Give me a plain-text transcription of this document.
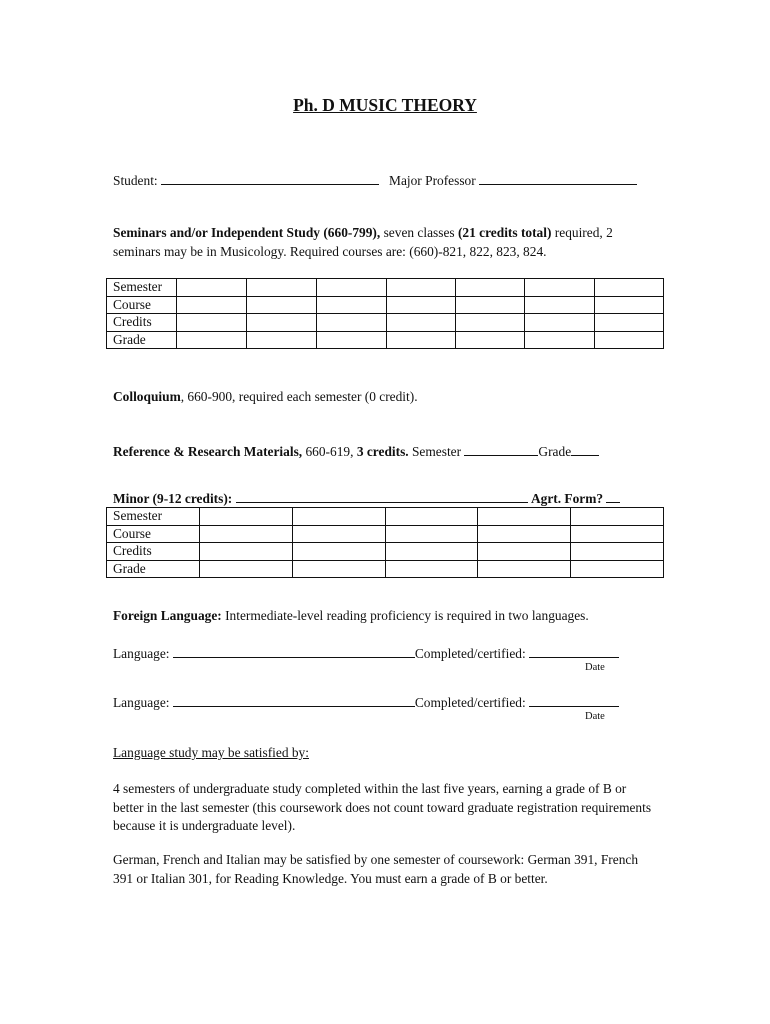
Ph. D MUSIC THEORY
Student:	Major Professor
Seminars and/or Independent Study (660-799), seven classes (21 credits total) required, 2 seminars may be in Musicology. Required courses are: (660)-821, 822, 823, 824.
Semester							
Course							
Credits							
Grade							
Colloquium, 660-900, required each semester (0 credit).
Reference & Research Materials, 660-619, 3 credits. Semester	Grade
Minor (9-12 credits):	Agrt. Form?
Semester					
Course					
Credits					
Grade					
Foreign Language: Intermediate-level reading proficiency is required in two languages.
Language:	Completed/certified:
Date
Language:	Completed/certified:
Date
Language study may be satisfied by:
4 semesters of undergraduate study completed within the last five years, earning a grade of B or better in the last semester (this coursework does not count toward graduate registration requirements because it is undergraduate level).
German, French and Italian may be satisfied by one semester of coursework: German 391, French 391 or Italian 301, for Reading Knowledge. You must earn a grade of B or better.
